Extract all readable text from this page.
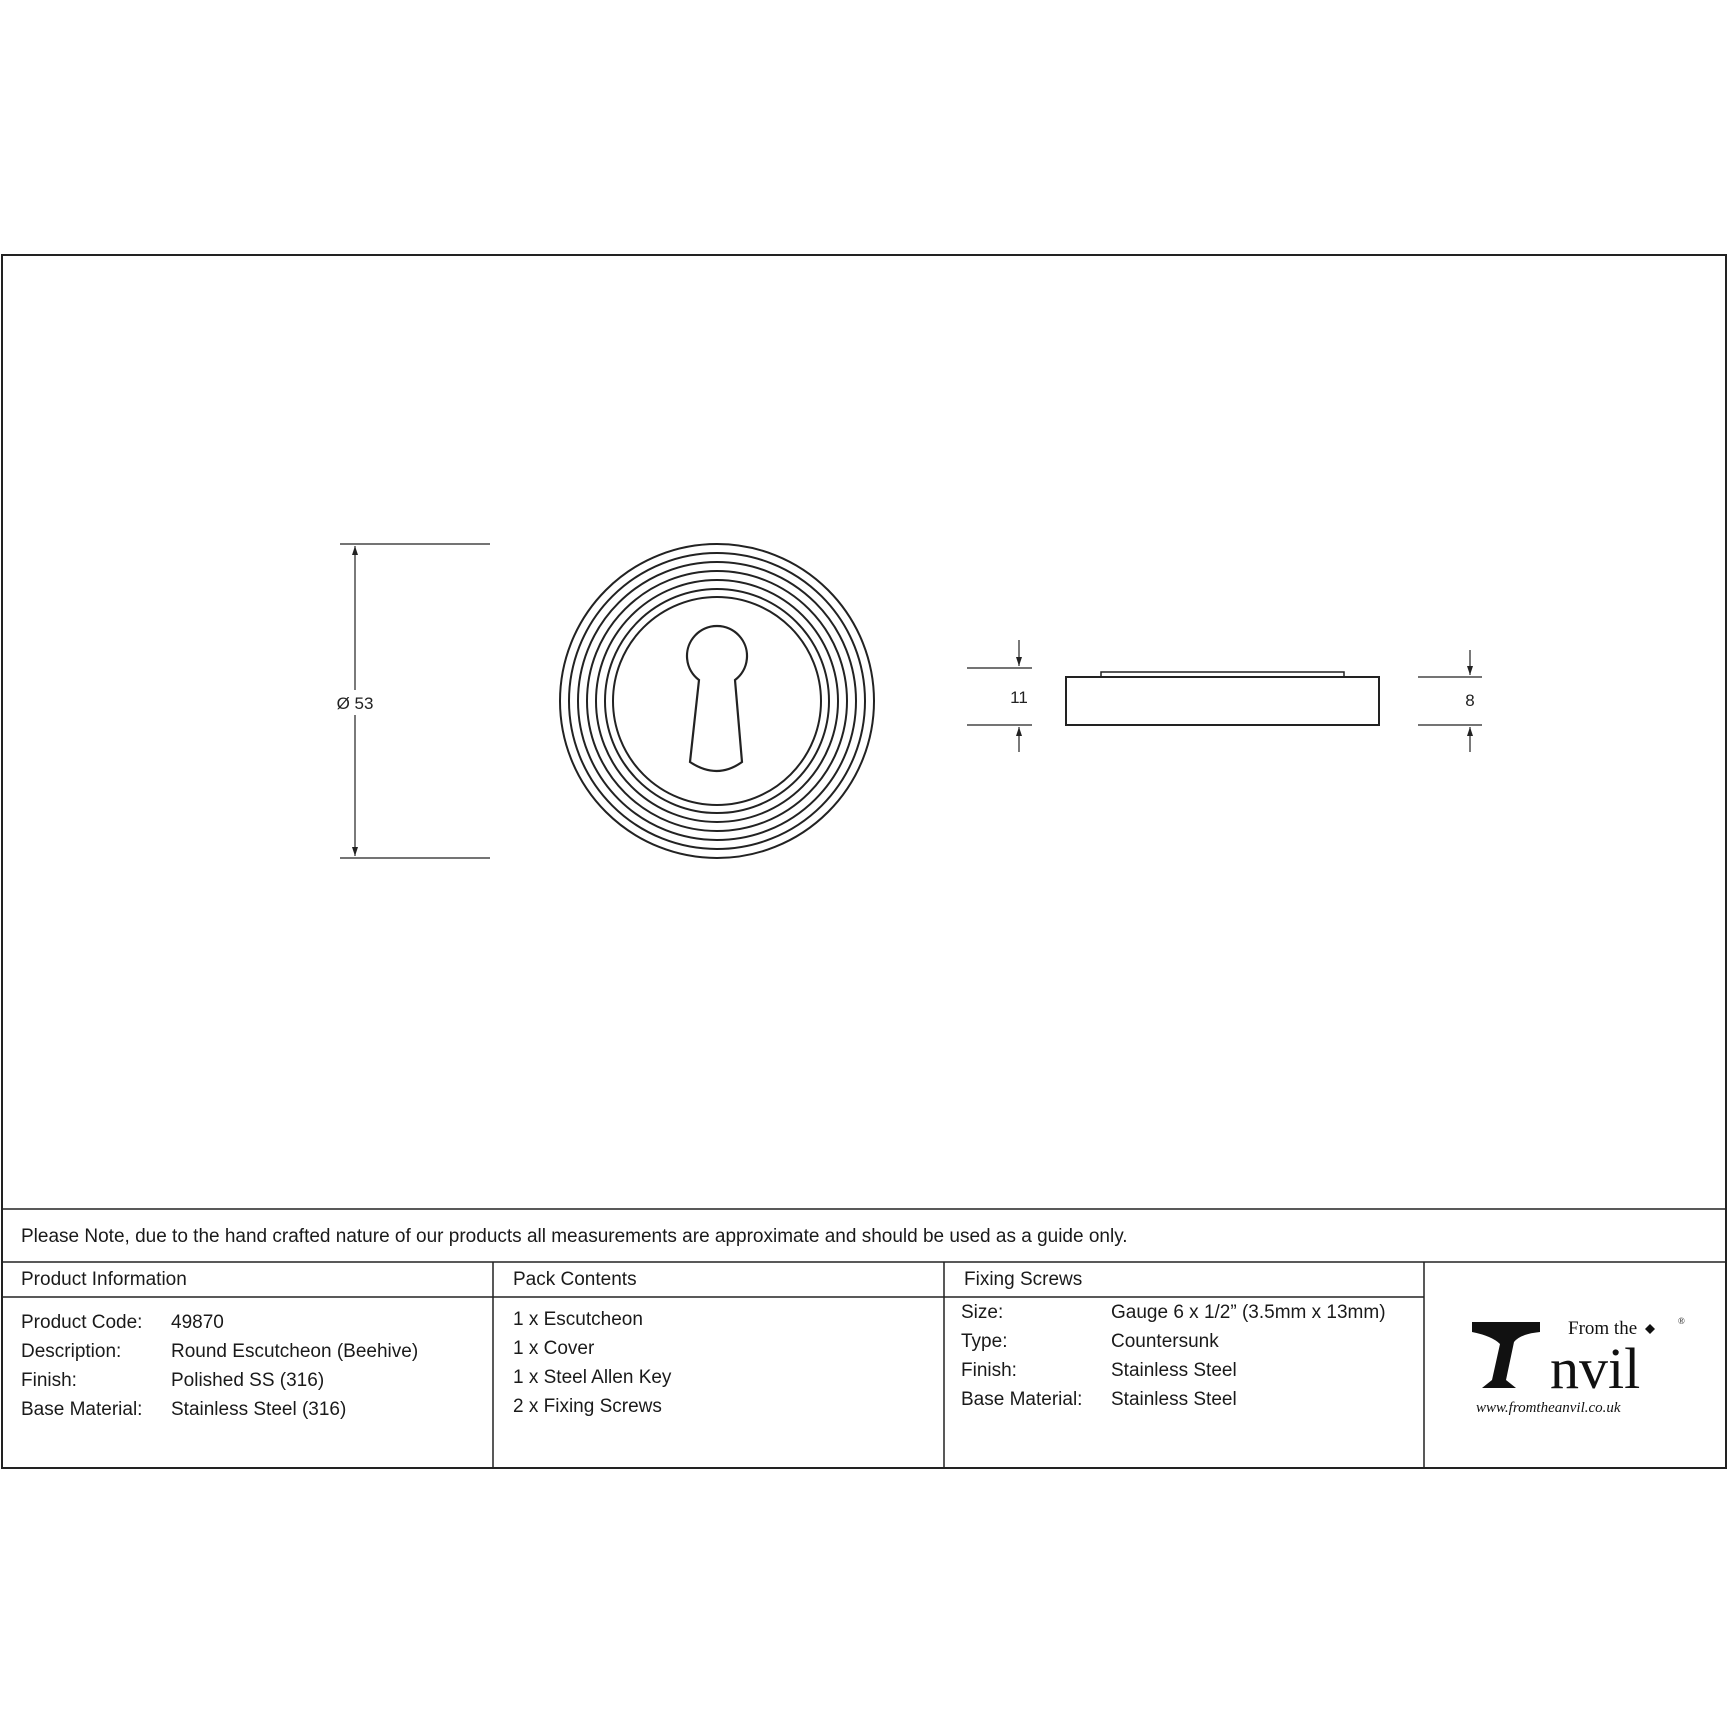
Ø 53	11	8
Please Note, due to the hand crafted nature of our products all measurements are approximate and should be used as a guide only.
Product Information
Product Code: 49870
Description:	Round Escutcheon (Beehive)
Finish:	Polished SS (316)
Base Material: Stainless Steel (316)
Pack Contents
1 x Escutcheon
1 x Cover
1 x Steel Allen Key
2 x Fixing Screws
Fixing Screws
Size:	Gauge 6 x 1/2” (3.5mm x 13mm)
Type:	Countersunk
Finish:	Stainless Steel
Base Material: Stainless Steel
From the	®
nvil
www.fromtheanvil.co.uk
